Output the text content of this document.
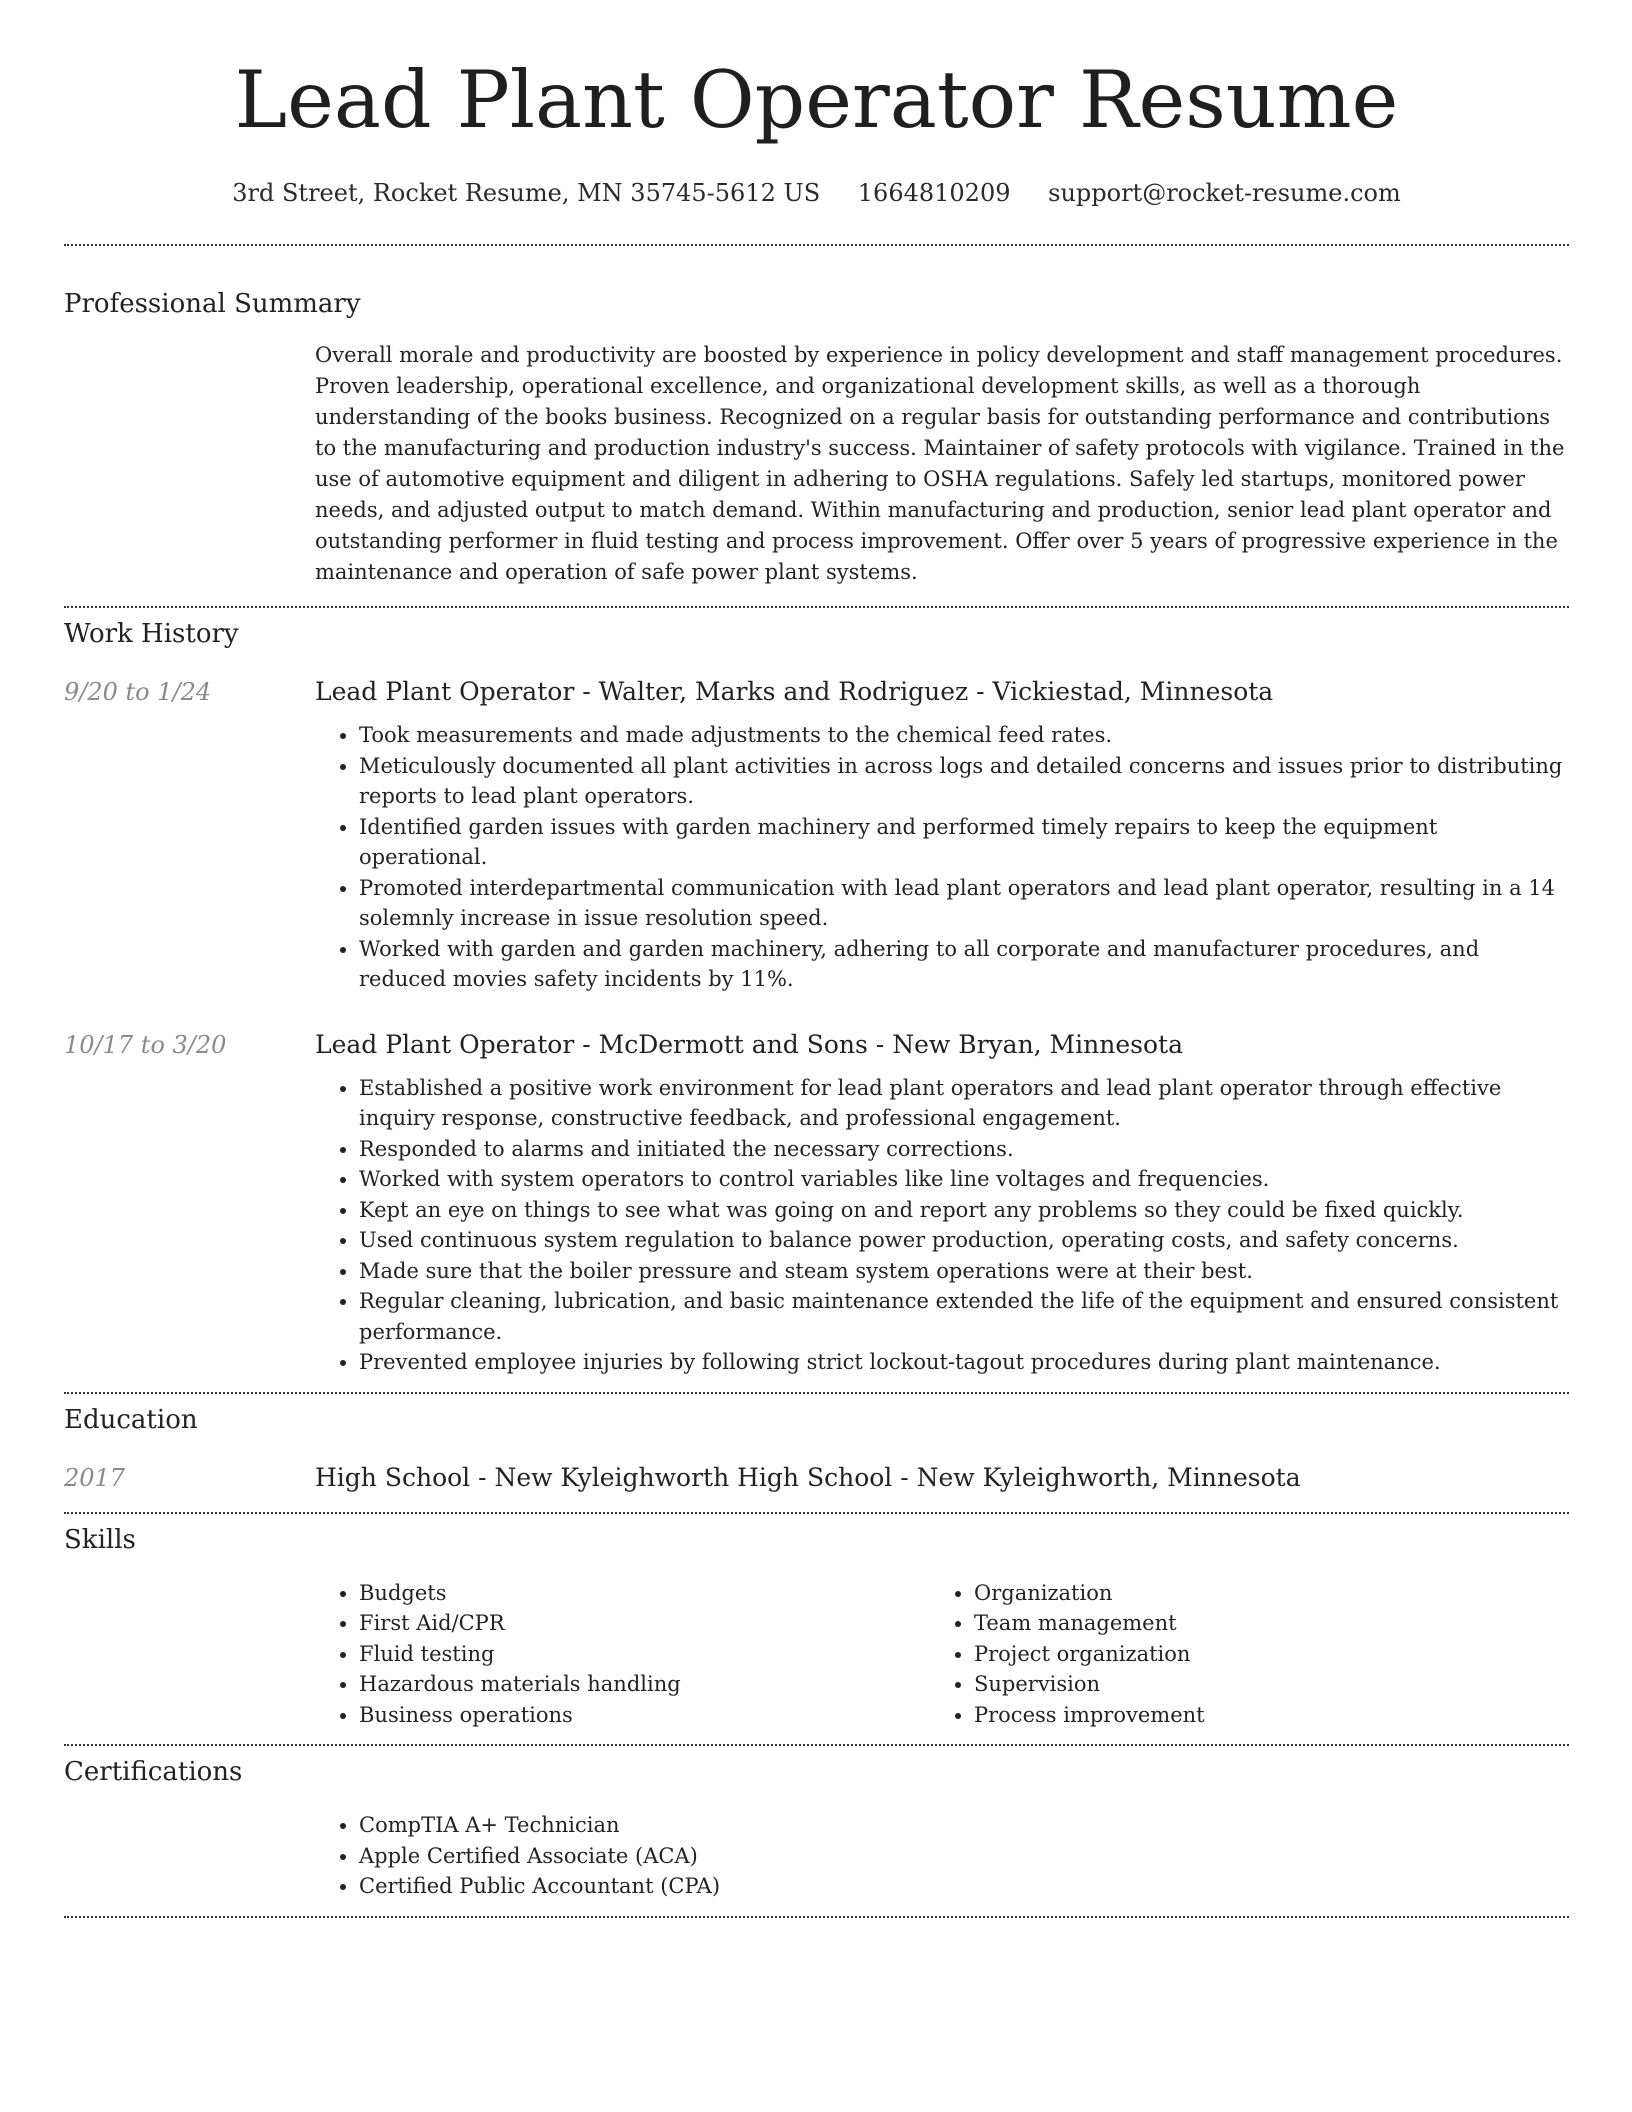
Lead Plant Operator Resume
3rd Street, Rocket Resume, MN 35745-5612 US 1664810209 support@rocket-resume.com
Professional Summary

Overall morale and productivity are boosted by experience in policy development and staff management procedures. Proven leadership, operational excellence, and organizational development skills, as well as a thorough understanding of the books business. Recognized on a regular basis for outstanding performance and contributions to the manufacturing and production industry's success. Maintainer of safety protocols with vigilance. Trained in the use of automotive equipment and diligent in adhering to OSHA regulations. Safely led startups, monitored power needs, and adjusted output to match demand. Within manufacturing and production, senior lead plant operator and outstanding performer in fluid testing and process improvement. Offer over 5 years of progressive experience in the maintenance and operation of safe power plant systems.

Work History
9/20 to 1/24	Lead Plant Operator - Walter, Marks and Rodriguez - Vickiestad, Minnesota
• Took measurements and made adjustments to the chemical feed rates.
• Meticulously documented all plant activities in across logs and detailed concerns and issues prior to distributing reports to lead plant operators.
• Identified garden issues with garden machinery and performed timely repairs to keep the equipment operational.
• Promoted interdepartmental communication with lead plant operators and lead plant operator, resulting in a 14 solemnly increase in issue resolution speed.
• Worked with garden and garden machinery, adhering to all corporate and manufacturer procedures, and reduced movies safety incidents by 11%.
10/17 to 3/20	Lead Plant Operator - McDermott and Sons - New Bryan, Minnesota
• Established a positive work environment for lead plant operators and lead plant operator through effective inquiry response, constructive feedback, and professional engagement.
• Responded to alarms and initiated the necessary corrections.
• Worked with system operators to control variables like line voltages and frequencies.
• Kept an eye on things to see what was going on and report any problems so they could be fixed quickly.
• Used continuous system regulation to balance power production, operating costs, and safety concerns.
• Made sure that the boiler pressure and steam system operations were at their best.
• Regular cleaning, lubrication, and basic maintenance extended the life of the equipment and ensured consistent performance.
• Prevented employee injuries by following strict lockout-tagout procedures during plant maintenance.
Education
2017	High School - New Kyleighworth High School - New Kyleighworth, Minnesota
Skills
• Budgets
• First Aid/CPR
• Fluid testing
• Hazardous materials handling
• Business operations
• Organization
• Team management
• Project organization
• Supervision
• Process improvement
Certifications
• CompTIA A+ Technician
• Apple Certified Associate (ACA)
• Certified Public Accountant (CPA)
